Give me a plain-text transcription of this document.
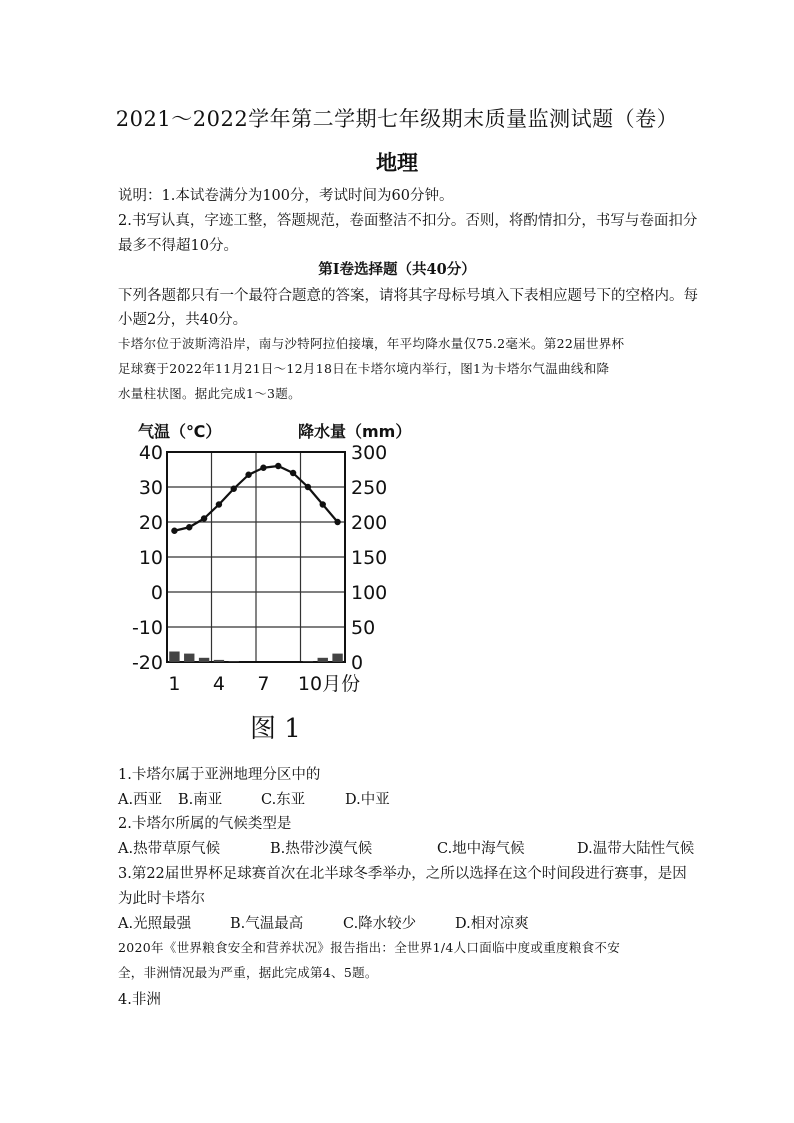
2021～2022学年第二学期七年级期末质量监测试题（卷）
地理
说明：1.本试卷满分为100分，考试时间为60分钟。
2.书写认真，字迹工整，答题规范，卷面整洁不扣分。否则，将酌情扣分，书写与卷面扣分
最多不得超10分。
第Ⅰ卷选择题（共40分）
下列各题都只有一个最符合题意的答案，请将其字母标号填入下表相应题号下的空格内。每
小题2分，共40分。
卡塔尔位于波斯湾沿岸，南与沙特阿拉伯接壤，年平均降水量仅75.2毫米。第22届世界杯
足球赛于2022年11月21日～12月18日在卡塔尔境内举行，图1为卡塔尔气温曲线和降
水量柱状图。据此完成1～3题。
40
30
20
10
0
-10
-20
300
250
200
150
100
50
0
1 4 7 10月份
气温（℃）	降水量（mm）
图 1
1.卡塔尔属于亚洲地理分区中的
A.西亚 B.南亚	C.东亚	D.中亚
2.卡塔尔所属的气候类型是
A.热带草原气候	B.热带沙漠气候	C.地中海气候	D.温带大陆性气候
3.第22届世界杯足球赛首次在北半球冬季举办，之所以选择在这个时间段进行赛事，是因
为此时卡塔尔
A.光照最强	B.气温最高	C.降水较少	D.相对凉爽
2020年《世界粮食安全和营养状况》报告指出：全世界1/4人口面临中度或重度粮食不安
全，非洲情况最为严重，据此完成第4、5题。
4.非洲
